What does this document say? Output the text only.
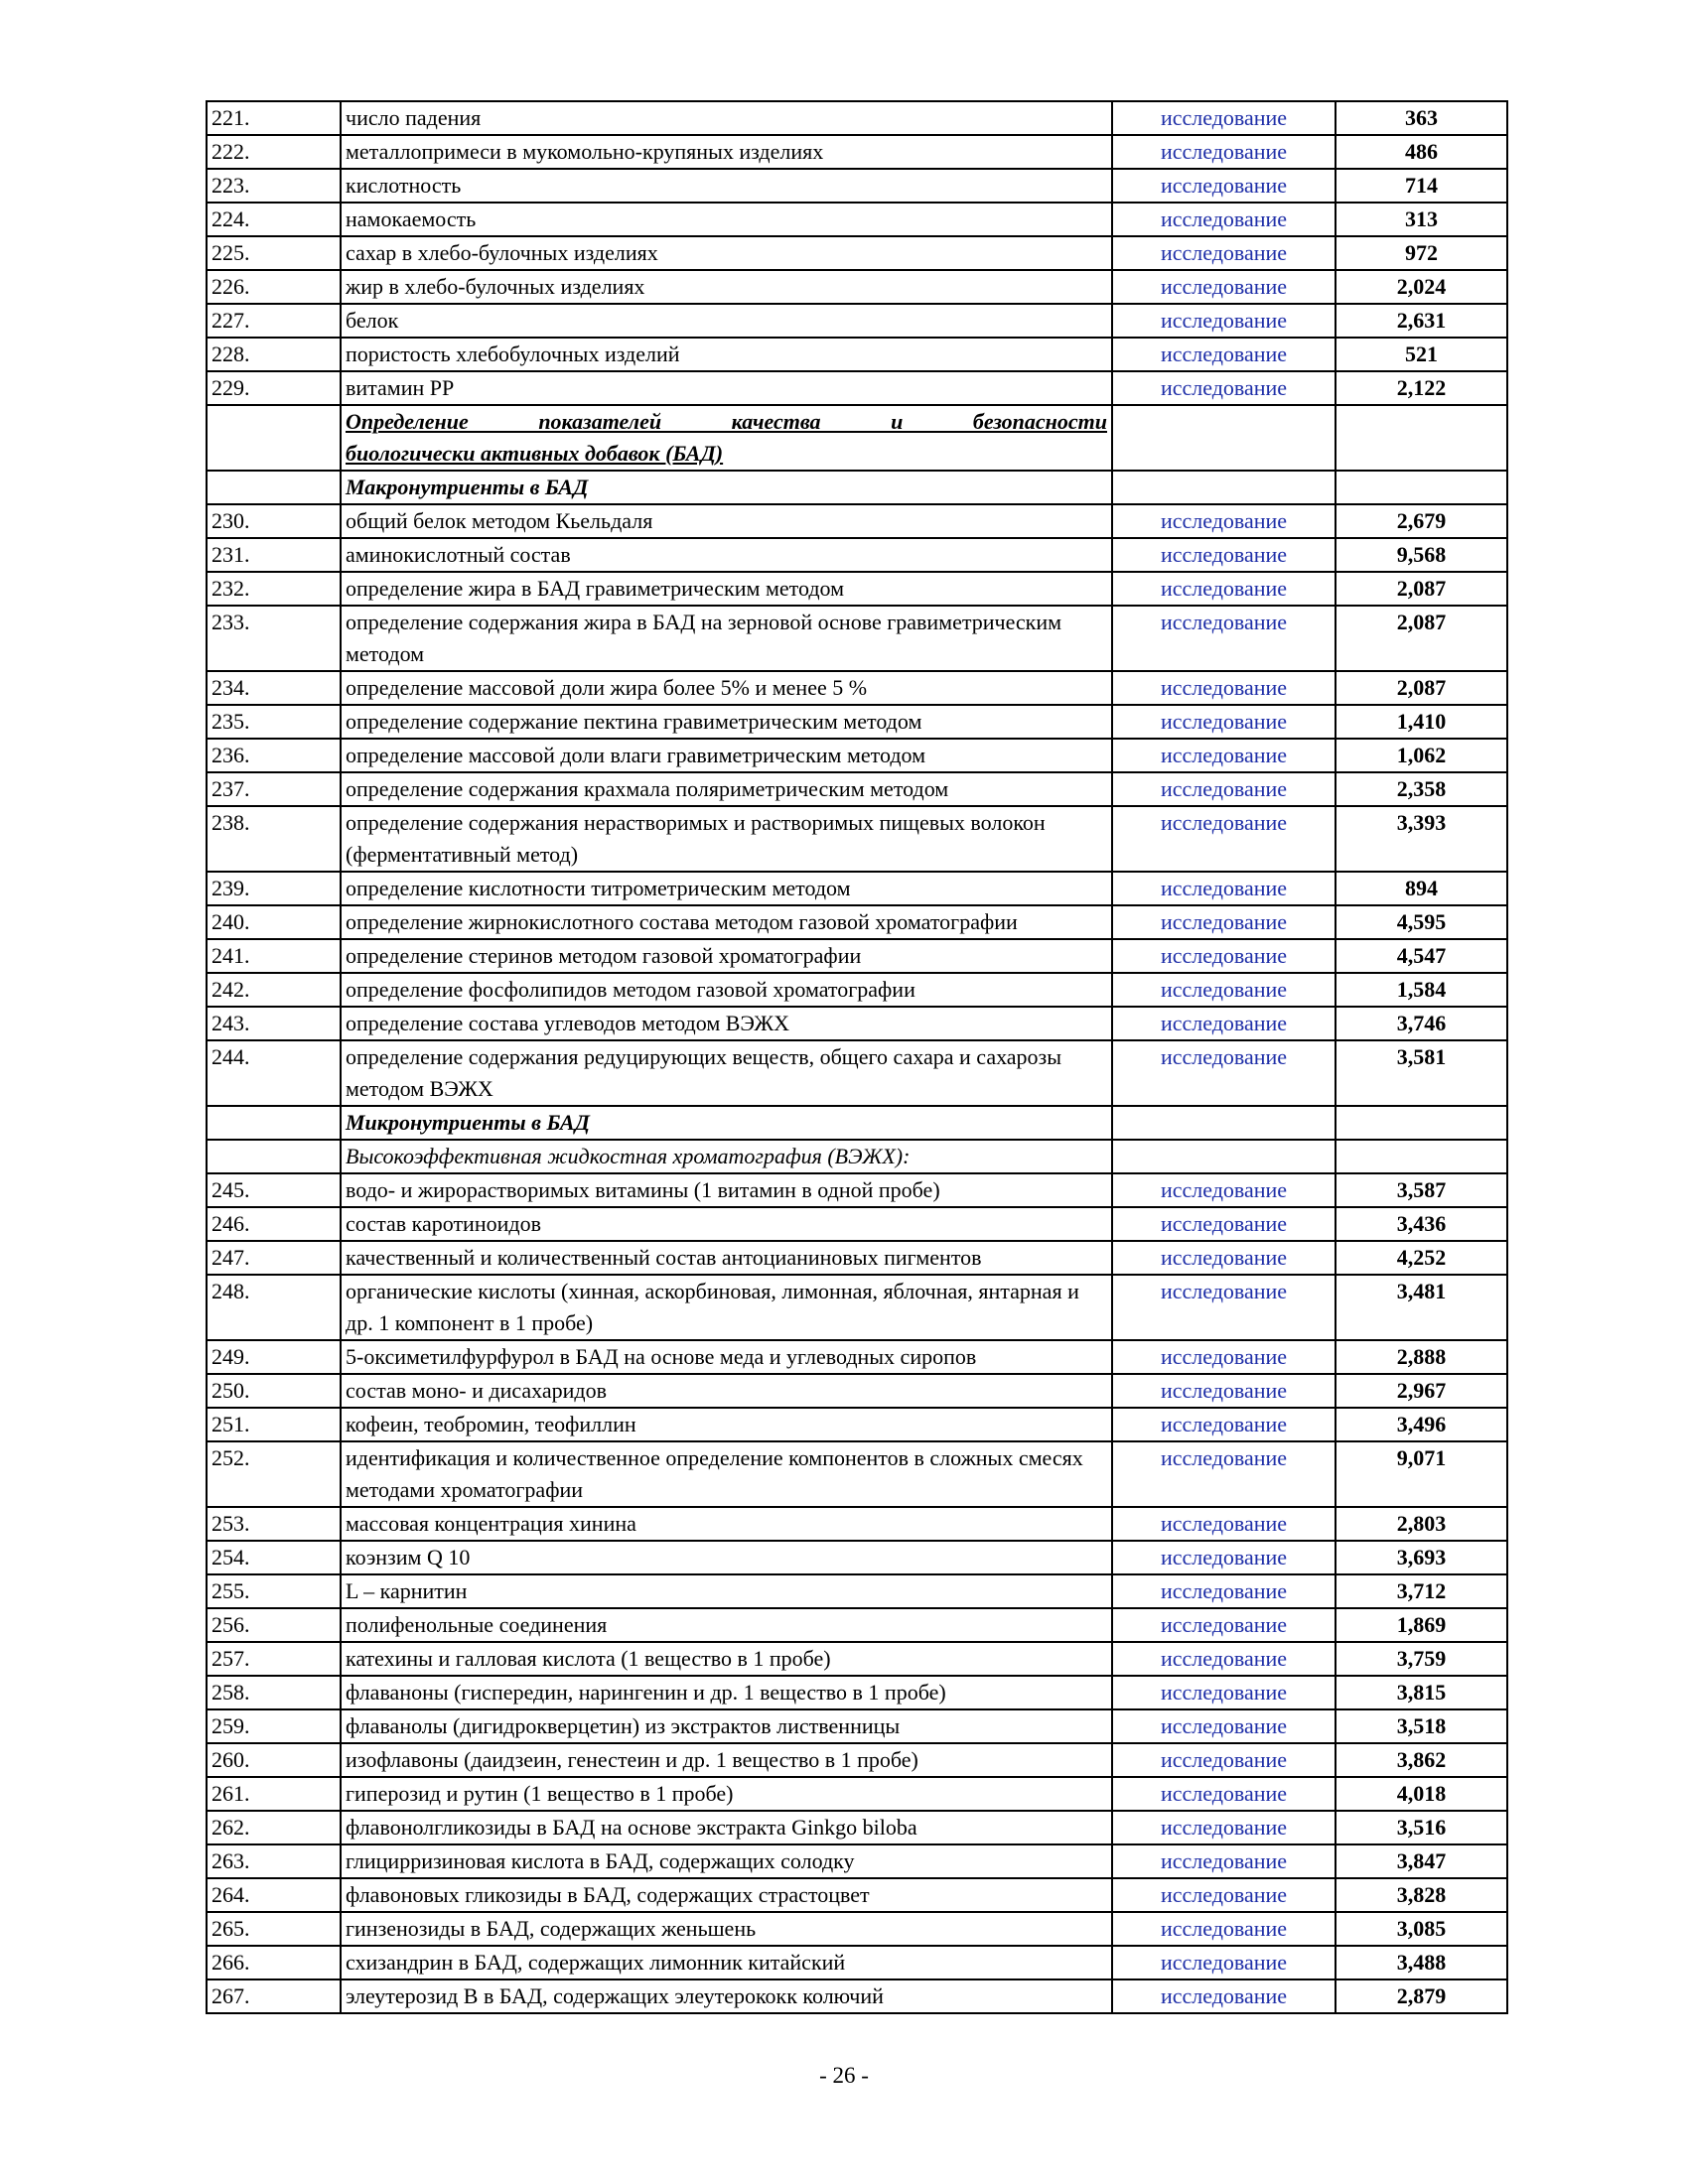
221.	число падения	исследование	363
222.	металлопримеси в мукомольно-крупяных изделиях	исследование	486
223.	кислотность	исследование	714
224.	намокаемость	исследование	313
225.	сахар в хлебо-булочных изделиях	исследование	972
226.	жир в хлебо-булочных изделиях	исследование	2,024
227.	белок	исследование	2,631
228.	пористость хлебобулочных изделий	исследование	521
229.	витамин РР	исследование	2,122

	Определение показателей качества и безопасности
биологически активных добавок (БАД)		

	Макронутриенты в БАД		
230.	общий белок методом Кьельдаля	исследование	2,679
231.	аминокислотный состав	исследование	9,568
232.	определение жира в БАД гравиметрическим методом	исследование	2,087
233.	определение содержания жира в БАД на зерновой основе гравиметрическим методом	исследование	2,087
234.	определение массовой доли жира более 5% и менее 5 %	исследование	2,087
235.	определение содержание пектина гравиметрическим методом	исследование	1,410
236.	определение массовой доли влаги гравиметрическим методом	исследование	1,062
237.	определение содержания крахмала поляриметрическим методом	исследование	2,358
238.	определение содержания нерастворимых и растворимых пищевых волокон (ферментативный метод)	исследование	3,393
239.	определение кислотности титрометрическим методом	исследование	894
240.	определение жирнокислотного состава методом газовой хроматографии	исследование	4,595
241.	определение стеринов методом газовой хроматографии	исследование	4,547
242.	определение фосфолипидов методом газовой хроматографии	исследование	1,584
243.	определение состава углеводов методом ВЭЖХ	исследование	3,746
244.	определение содержания редуцирующих веществ, общего сахара и сахарозы методом ВЭЖХ	исследование	3,581
	Микронутриенты в БАД		
	Высокоэффективная жидкостная хроматография (ВЭЖХ):		
245.	водо- и жирорастворимых витамины (1 витамин в одной пробе)	исследование	3,587
246.	состав каротиноидов	исследование	3,436
247.	качественный и количественный состав антоцианиновых пигментов	исследование	4,252
248.	органические кислоты (хинная, аскорбиновая, лимонная, яблочная, янтарная и др. 1 компонент в 1 пробе)	исследование	3,481
249.	5-оксиметилфурфурол в БАД на основе меда и углеводных сиропов	исследование	2,888
250.	состав моно- и дисахаридов	исследование	2,967
251.	кофеин, теобромин, теофиллин	исследование	3,496
252.	идентификация и количественное определение компонентов в сложных смесях методами хроматографии	исследование	9,071
253.	массовая концентрация хинина	исследование	2,803
254.	коэнзим Q 10	исследование	3,693
255.	L – карнитин	исследование	3,712
256.	полифенольные соединения	исследование	1,869
257.	катехины и галловая кислота (1 вещество в 1 пробе)	исследование	3,759
258.	флаваноны (гиспередин, нарингенин и др. 1 вещество в 1 пробе)	исследование	3,815
259.	флаванолы (дигидрокверцетин) из экстрактов лиственницы	исследование	3,518
260.	изофлавоны (даидзеин, генестеин и др. 1 вещество в 1 пробе)	исследование	3,862
261.	гиперозид и рутин (1 вещество в 1 пробе)	исследование	4,018
262.	флавонолгликозиды в БАД на основе экстракта Ginkgo biloba	исследование	3,516
263.	глицирризиновая кислота в БАД, содержащих солодку	исследование	3,847
264.	флавоновых гликозиды в БАД, содержащих страстоцвет	исследование	3,828
265.	гинзенозиды в БАД, содержащих женьшень	исследование	3,085
266.	схизандрин в БАД, содержащих лимонник китайский	исследование	3,488
267.	элеутерозид В в БАД, содержащих элеутерококк колючий	исследование	2,879
- 26 -
